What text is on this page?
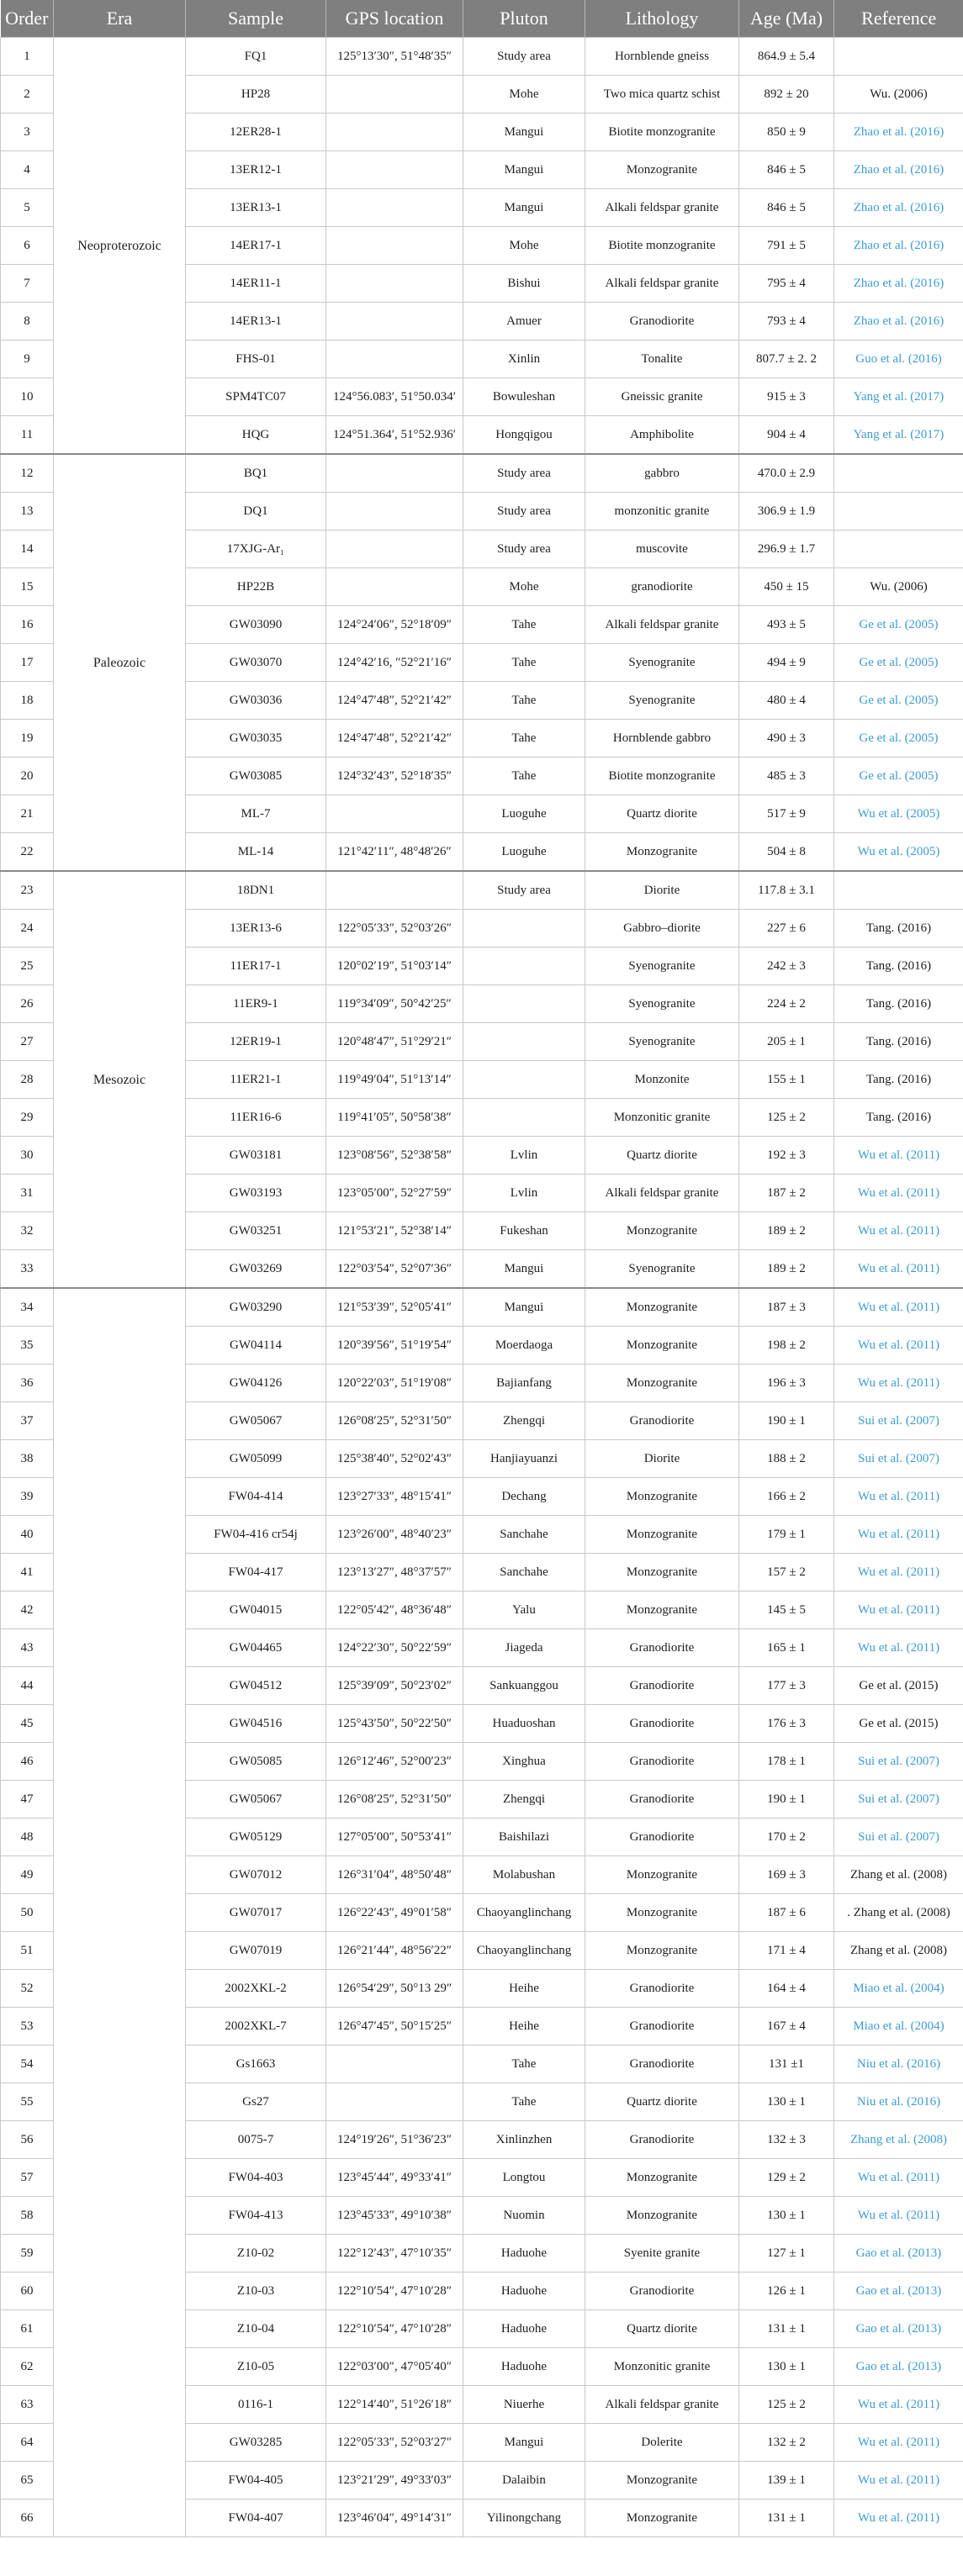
Order	Era	Sample	GPS location	Pluton	Lithology	Age (Ma)	Reference
1	Neoproterozoic	FQ1	125°13′30″, 51°48′35″	Study area	Hornblende gneiss	864.9 ± 5.4	
2		HP28		Mohe	Two mica quartz schist	892 ± 20	Wu. (2006)
3		12ER28-1		Mangui	Biotite monzogranite	850 ± 9	Zhao et al. (2016)
4		13ER12-1		Mangui	Monzogranite	846 ± 5	Zhao et al. (2016)
5		13ER13-1		Mangui	Alkali feldspar granite	846 ± 5	Zhao et al. (2016)
6		14ER17-1		Mohe	Biotite monzogranite	791 ± 5	Zhao et al. (2016)
7		14ER11-1		Bishui	Alkali feldspar granite	795 ± 4	Zhao et al. (2016)
8		14ER13-1		Amuer	Granodiorite	793 ± 4	Zhao et al. (2016)
9		FHS-01		Xinlin	Tonalite	807.7 ± 2. 2	Guo et al. (2016)
10		SPM4TC07	124°56.083′, 51°50.034′	Bowuleshan	Gneissic granite	915 ± 3	Yang et al. (2017)
11		HQG	124°51.364′, 51°52.936′	Hongqigou	Amphibolite	904 ± 4	Yang et al. (2017)
12	Paleozoic	BQ1		Study area	gabbro	470.0 ± 2.9	
13		DQ1		Study area	monzonitic granite	306.9 ± 1.9	
14		17XJG-Ar₁		Study area	muscovite	296.9 ± 1.7	
15		HP22B		Mohe	granodiorite	450 ± 15	Wu. (2006)
16		GW03090	124°24′06″, 52°18′09″	Tahe	Alkali feldspar granite	493 ± 5	Ge et al. (2005)
17		GW03070	124°42′16, ″52°21′16″	Tahe	Syenogranite	494 ± 9	Ge et al. (2005)
18		GW03036	124°47′48″, 52°21′42″	Tahe	Syenogranite	480 ± 4	Ge et al. (2005)
19		GW03035	124°47′48″, 52°21′42″	Tahe	Hornblende gabbro	490 ± 3	Ge et al. (2005)
20		GW03085	124°32′43″, 52°18′35″	Tahe	Biotite monzogranite	485 ± 3	Ge et al. (2005)
21		ML-7		Luoguhe	Quartz diorite	517 ± 9	Wu et al. (2005)
22		ML-14	121°42′11″, 48°48′26″	Luoguhe	Monzogranite	504 ± 8	Wu et al. (2005)
23	Mesozoic	18DN1		Study area	Diorite	117.8 ± 3.1	
24		13ER13-6	122°05′33″, 52°03′26″		Gabbro–diorite	227 ± 6	Tang. (2016)
25		11ER17-1	120°02′19″, 51°03′14″		Syenogranite	242 ± 3	Tang. (2016)
26		11ER9-1	119°34′09″, 50°42′25″		Syenogranite	224 ± 2	Tang. (2016)
27		12ER19-1	120°48′47″, 51°29′21″		Syenogranite	205 ± 1	Tang. (2016)
28		11ER21-1	119°49′04″, 51°13′14″		Monzonite	155 ± 1	Tang. (2016)
29		11ER16-6	119°41′05″, 50°58′38″		Monzonitic granite	125 ± 2	Tang. (2016)
30		GW03181	123°08′56″, 52°38′58″	Lvlin	Quartz diorite	192 ± 3	Wu et al. (2011)
31		GW03193	123°05′00″, 52°27′59″	Lvlin	Alkali feldspar granite	187 ± 2	Wu et al. (2011)
32		GW03251	121°53′21″, 52°38′14″	Fukeshan	Monzogranite	189 ± 2	Wu et al. (2011)
33		GW03269	122°03′54″, 52°07′36″	Mangui	Syenogranite	189 ± 2	Wu et al. (2011)
34		GW03290	121°53′39″, 52°05′41″	Mangui	Monzogranite	187 ± 3	Wu et al. (2011)
35		GW04114	120°39′56″, 51°19′54″	Moerdaoga	Monzogranite	198 ± 2	Wu et al. (2011)
36		GW04126	120°22′03″, 51°19′08″	Bajianfang	Monzogranite	196 ± 3	Wu et al. (2011)
37		GW05067	126°08′25″, 52°31′50″	Zhengqi	Granodiorite	190 ± 1	Sui et al. (2007)
38		GW05099	125°38′40″, 52°02′43″	Hanjiayuanzi	Diorite	188 ± 2	Sui et al. (2007)
39		FW04-414	123°27′33″, 48°15′41″	Dechang	Monzogranite	166 ± 2	Wu et al. (2011)
40		FW04-416 cr54j	123°26′00″, 48°40′23″	Sanchahe	Monzogranite	179 ± 1	Wu et al. (2011)
41		FW04-417	123°13′27″, 48°37′57″	Sanchahe	Monzogranite	157 ± 2	Wu et al. (2011)
42		GW04015	122°05′42″, 48°36′48″	Yalu	Monzogranite	145 ± 5	Wu et al. (2011)
43		GW04465	124°22′30″, 50°22′59″	Jiageda	Granodiorite	165 ± 1	Wu et al. (2011)
44		GW04512	125°39′09″, 50°23′02″	Sankuanggou	Granodiorite	177 ± 3	Ge et al. (2015)
45		GW04516	125°43′50″, 50°22′50″	Huaduoshan	Granodiorite	176 ± 3	Ge et al. (2015)
46		GW05085	126°12′46″, 52°00′23″	Xinghua	Granodiorite	178 ± 1	Sui et al. (2007)
47		GW05067	126°08′25″, 52°31′50″	Zhengqi	Granodiorite	190 ± 1	Sui et al. (2007)
48		GW05129	127°05′00″, 50°53′41″	Baishilazi	Granodiorite	170 ± 2	Sui et al. (2007)
49		GW07012	126°31′04″, 48°50′48″	Molabushan	Monzogranite	169 ± 3	Zhang et al. (2008)
50		GW07017	126°22′43″, 49°01′58″	Chaoyanglinchang	Monzogranite	187 ± 6	. Zhang et al. (2008)
51		GW07019	126°21′44″, 48°56′22″	Chaoyanglinchang	Monzogranite	171 ± 4	Zhang et al. (2008)
52		2002XKL-2	126°54′29″, 50°13 29″	Heihe	Granodiorite	164 ± 4	Miao et al. (2004)
53		2002XKL-7	126°47′45″, 50°15′25″	Heihe	Granodiorite	167 ± 4	Miao et al. (2004)
54		Gs1663		Tahe	Granodiorite	131 ±1	Niu et al. (2016)
55		Gs27		Tahe	Quartz diorite	130 ± 1	Niu et al. (2016)
56		0075-7	124°19′26″, 51°36′23″	Xinlinzhen	Granodiorite	132 ± 3	Zhang et al. (2008)
57		FW04-403	123°45′44″, 49°33′41″	Longtou	Monzogranite	129 ± 2	Wu et al. (2011)
58		FW04-413	123°45′33″, 49°10′38″	Nuomin	Monzogranite	130 ± 1	Wu et al. (2011)
59		Z10-02	122°12′43″, 47°10′35″	Haduohe	Syenite granite	127 ± 1	Gao et al. (2013)
60		Z10-03	122°10′54″, 47°10′28″	Haduohe	Granodiorite	126 ± 1	Gao et al. (2013)
61		Z10-04	122°10′54″, 47°10′28″	Haduohe	Quartz diorite	131 ± 1	Gao et al. (2013)
62		Z10-05	122°03′00″, 47°05′40″	Haduohe	Monzonitic granite	130 ± 1	Gao et al. (2013)
63		0116-1	122°14′40″, 51°26′18″	Niuerhe	Alkali feldspar granite	125 ± 2	Wu et al. (2011)
64		GW03285	122°05′33″, 52°03′27″	Mangui	Dolerite	132 ± 2	Wu et al. (2011)
65		FW04-405	123°21′29″, 49°33′03″	Dalaibin	Monzogranite	139 ± 1	Wu et al. (2011)
66		FW04-407	123°46′04″, 49°14′31″	Yilinongchang	Monzogranite	131 ± 1	Wu et al. (2011)
